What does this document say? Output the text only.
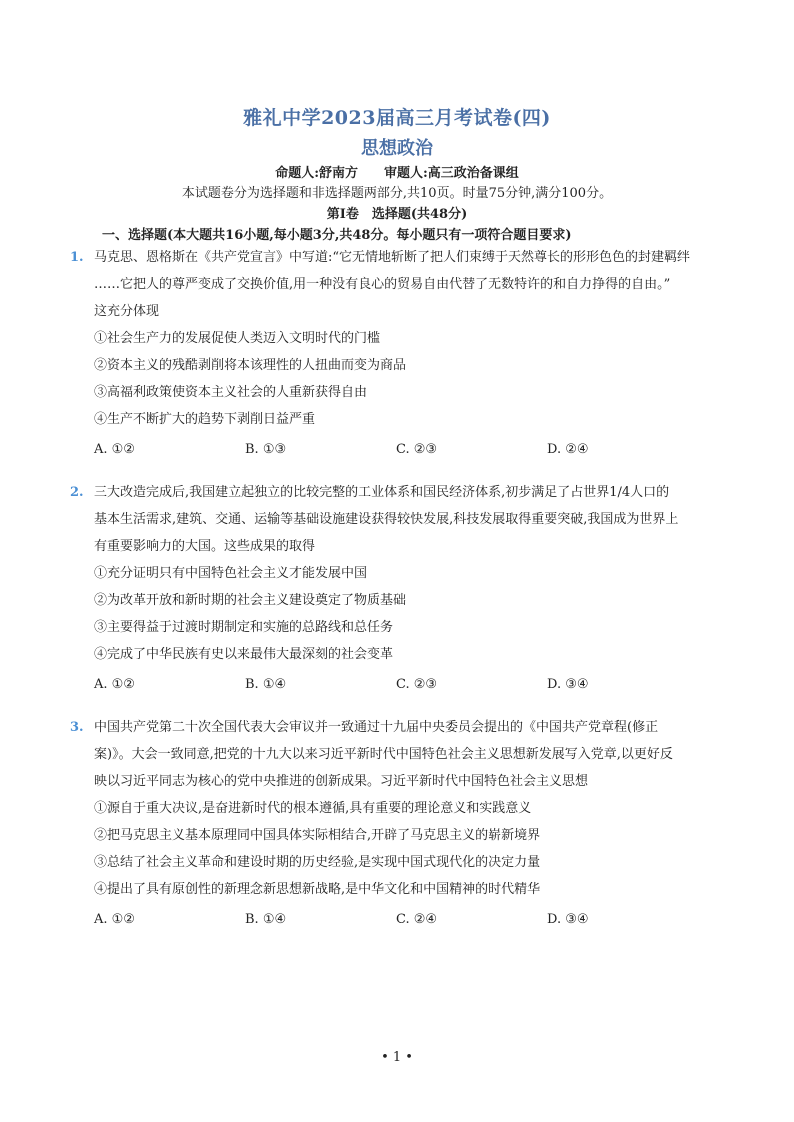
雅礼中学2023届高三月考试卷(四)
思想政治
命题人:舒南方 审题人:高三政治备课组
本试题卷分为选择题和非选择题两部分,共10页。时量75分钟,满分100分。
第Ⅰ卷　选择题(共48分)
一、选择题(本大题共16小题,每小题3分,共48分。每小题只有一项符合题目要求)
1. 马克思、恩格斯在《共产党宣言》中写道:“它无情地斩断了把人们束缚于天然尊长的形形色色的封建羁绊
……它把人的尊严变成了交换价值,用一种没有良心的贸易自由代替了无数特许的和自力挣得的自由。”
这充分体现
①社会生产力的发展促使人类迈入文明时代的门槛
②资本主义的残酷剥削将本该理性的人扭曲而变为商品
③高福利政策使资本主义社会的人重新获得自由
④生产不断扩大的趋势下剥削日益严重
A. ①②	B. ①③	C. ②③	D. ②④
2. 三大改造完成后,我国建立起独立的比较完整的工业体系和国民经济体系,初步满足了占世界1/4人口的
基本生活需求,建筑、交通、运输等基础设施建设获得较快发展,科技发展取得重要突破,我国成为世界上
有重要影响力的大国。这些成果的取得
①充分证明只有中国特色社会主义才能发展中国
②为改革开放和新时期的社会主义建设奠定了物质基础
③主要得益于过渡时期制定和实施的总路线和总任务
④完成了中华民族有史以来最伟大最深刻的社会变革
A. ①②	B. ①④	C. ②③	D. ③④
3. 中国共产党第二十次全国代表大会审议并一致通过十九届中央委员会提出的《中国共产党章程(修正
案)》。大会一致同意,把党的十九大以来习近平新时代中国特色社会主义思想新发展写入党章,以更好反
映以习近平同志为核心的党中央推进的创新成果。习近平新时代中国特色社会主义思想
①源自于重大决议,是奋进新时代的根本遵循,具有重要的理论意义和实践意义
②把马克思主义基本原理同中国具体实际相结合,开辟了马克思主义的崭新境界
③总结了社会主义革命和建设时期的历史经验,是实现中国式现代化的决定力量
④提出了具有原创性的新理念新思想新战略,是中华文化和中国精神的时代精华
A. ①②	B. ①④	C. ②④	D. ③④
• 1 •
